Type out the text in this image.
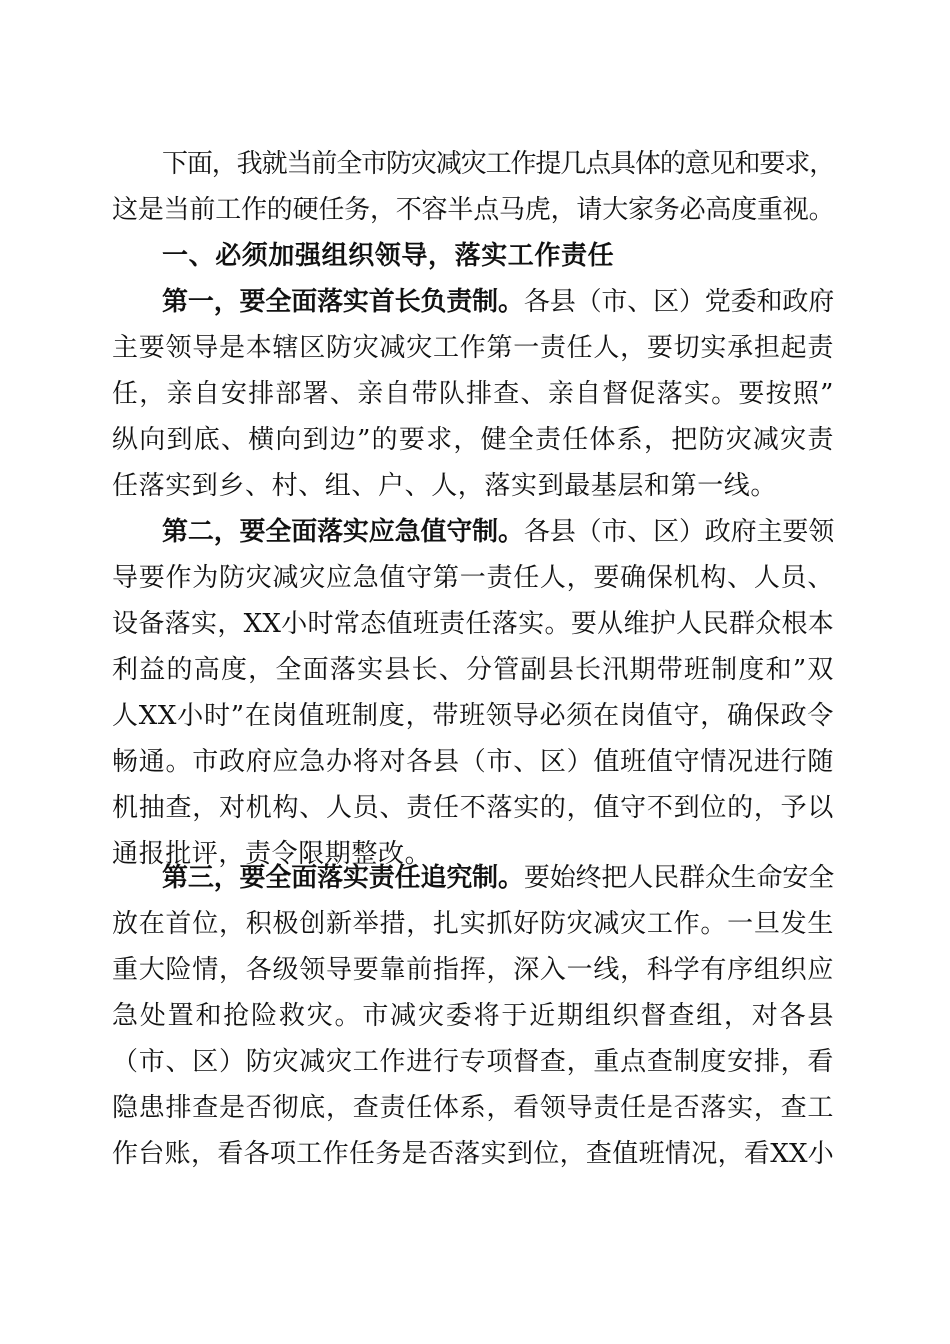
下面，我就当前全市防灾减灾工作提几点具体的意见和要求，
这是当前工作的硬任务，不容半点马虎，请大家务必高度重视。
一、必须加强组织领导，落实工作责任
第一，要全面落实首长负责制。各县（市、区）党委和政府
主要领导是本辖区防灾减灾工作第一责任人，要切实承担起责
任，亲自安排部署、亲自带队排查、亲自督促落实。要按照”
纵向到底、横向到边”的要求，健全责任体系，把防灾减灾责
任落实到乡、村、组、户、人，落实到最基层和第一线。
第二，要全面落实应急值守制。各县（市、区）政府主要领
导要作为防灾减灾应急值守第一责任人，要确保机构、人员、
设备落实，XX小时常态值班责任落实。要从维护人民群众根本
利益的高度，全面落实县长、分管副县长汛期带班制度和”双
人XX小时”在岗值班制度，带班领导必须在岗值守，确保政令
畅通。市政府应急办将对各县（市、区）值班值守情况进行随
机抽查，对机构、人员、责任不落实的，值守不到位的，予以
通报批评，责令限期整改。
第三，要全面落实责任追究制。要始终把人民群众生命安全
放在首位，积极创新举措，扎实抓好防灾减灾工作。一旦发生
重大险情，各级领导要靠前指挥，深入一线，科学有序组织应
急处置和抢险救灾。市减灾委将于近期组织督查组，对各县
（市、区）防灾减灾工作进行专项督查，重点查制度安排，看
隐患排查是否彻底，查责任体系，看领导责任是否落实，查工
作台账，看各项工作任务是否落实到位，查值班情况，看XX小
